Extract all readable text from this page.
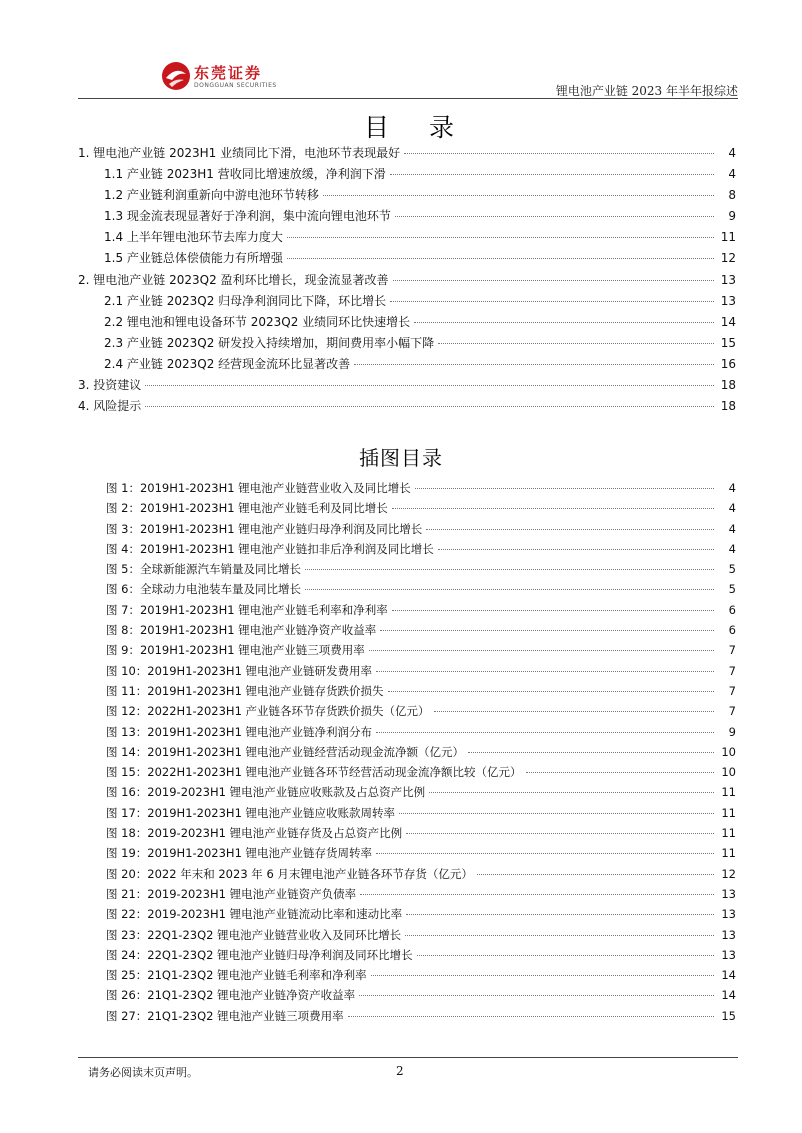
东莞证券
DONGGUAN SECURITIES	锂电池产业链 2023 年半年报综述
目 录
1. 锂电池产业链 2023H1 业绩同比下滑，电池环节表现最好	4
1.1 产业链 2023H1 营收同比增速放缓，净利润下滑	4
1.2 产业链利润重新向中游电池环节转移	8
1.3 现金流表现显著好于净利润，集中流向锂电池环节	9
1.4 上半年锂电池环节去库力度大	11
1.5 产业链总体偿债能力有所增强	12
2. 锂电池产业链 2023Q2 盈利环比增长，现金流显著改善	13
2.1 产业链 2023Q2 归母净利润同比下降，环比增长	13
2.2 锂电池和锂电设备环节 2023Q2 业绩同环比快速增长	14
2.3 产业链 2023Q2 研发投入持续增加，期间费用率小幅下降	15
2.4 产业链 2023Q2 经营现金流环比显著改善	16
3. 投资建议	18
4. 风险提示	18
插图目录
图 1：2019H1-2023H1 锂电池产业链营业收入及同比增长	4
图 2：2019H1-2023H1 锂电池产业链毛利及同比增长	4
图 3：2019H1-2023H1 锂电池产业链归母净利润及同比增长	4
图 4：2019H1-2023H1 锂电池产业链扣非后净利润及同比增长	4
图 5：全球新能源汽车销量及同比增长	5
图 6：全球动力电池装车量及同比增长	5
图 7：2019H1-2023H1 锂电池产业链毛利率和净利率	6
图 8：2019H1-2023H1 锂电池产业链净资产收益率	6
图 9：2019H1-2023H1 锂电池产业链三项费用率	7
图 10：2019H1-2023H1 锂电池产业链研发费用率	7
图 11：2019H1-2023H1 锂电池产业链存货跌价损失	7
图 12：2022H1-2023H1 产业链各环节存货跌价损失（亿元）	7
图 13：2019H1-2023H1 锂电池产业链净利润分布	9
图 14：2019H1-2023H1 锂电池产业链经营活动现金流净额（亿元）	10
图 15：2022H1-2023H1 锂电池产业链各环节经营活动现金流净额比较（亿元）	10
图 16：2019-2023H1 锂电池产业链应收账款及占总资产比例	11
图 17：2019H1-2023H1 锂电池产业链应收账款周转率	11
图 18：2019-2023H1 锂电池产业链存货及占总资产比例	11
图 19：2019H1-2023H1 锂电池产业链存货周转率	11
图 20：2022 年末和 2023 年 6 月末锂电池产业链各环节存货（亿元）	12
图 21：2019-2023H1 锂电池产业链资产负债率	13
图 22：2019-2023H1 锂电池产业链流动比率和速动比率	13
图 23：22Q1-23Q2 锂电池产业链营业收入及同环比增长	13
图 24：22Q1-23Q2 锂电池产业链归母净利润及同环比增长	13
图 25：21Q1-23Q2 锂电池产业链毛利率和净利率	14
图 26：21Q1-23Q2 锂电池产业链净资产收益率	14
图 27：21Q1-23Q2 锂电池产业链三项费用率	15
请务必阅读末页声明。	2
